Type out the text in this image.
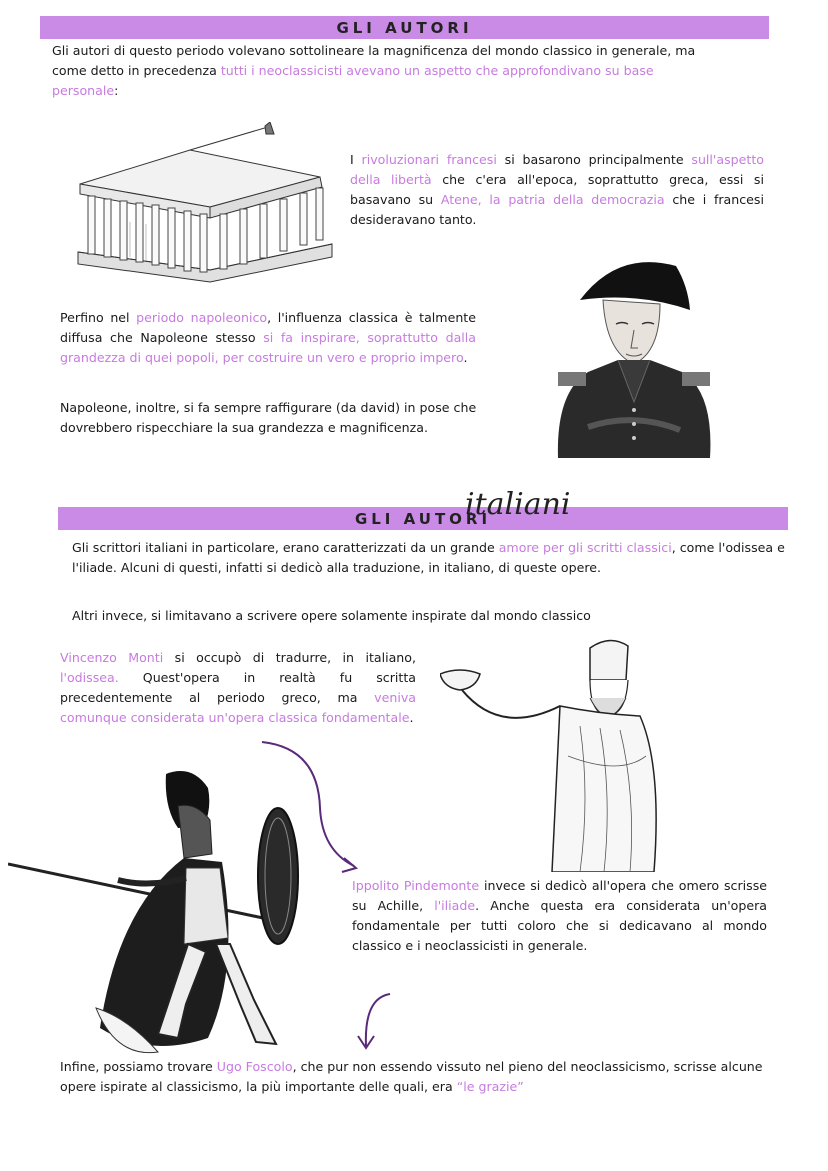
GLI AUTORI
Gli autori di questo periodo volevano sottolineare la magnificenza del mondo classico in generale, ma come detto in precedenza tutti i neoclassicisti avevano un aspetto che approfondivano su base personale:
I rivoluzionari francesi si basarono principalmente sull'aspetto della libertà che c'era all'epoca, soprattutto greca, essi si basavano su Atene, la patria della democrazia che i francesi desideravano tanto.
Perfino nel periodo napoleonico, l'influenza classica è talmente diffusa che Napoleone stesso si fa inspirare, soprattutto dalla grandezza di quei popoli, per costruire un vero e proprio impero.
Napoleone, inoltre, si fa sempre raffigurare (da david) in pose che dovrebbero rispecchiare la sua grandezza e magnificenza.
GLI AUTORI
italiani
Gli scrittori italiani in particolare, erano caratterizzati da un grande amore per gli scritti classici, come l'odissea e l'iliade. Alcuni di questi, infatti si dedicò alla traduzione, in italiano, di queste opere.
Altri invece, si limitavano a scrivere opere solamente inspirate dal mondo classico
Vincenzo Monti si occupò di tradurre, in italiano, l'odissea. Quest'opera in realtà fu scritta precedentemente al periodo greco, ma veniva comunque considerata un'opera classica fondamentale.
Ippolito Pindemonte invece si dedicò all'opera che omero scrisse su Achille, l'iliade. Anche questa era considerata un'opera fondamentale per tutti coloro che si dedicavano al mondo classico e i neoclassicisti in generale.
Infine, possiamo trovare Ugo Foscolo, che pur non essendo vissuto nel pieno del neoclassicismo, scrisse alcune opere ispirate al classicismo, la più importante delle quali, era “le grazie”
